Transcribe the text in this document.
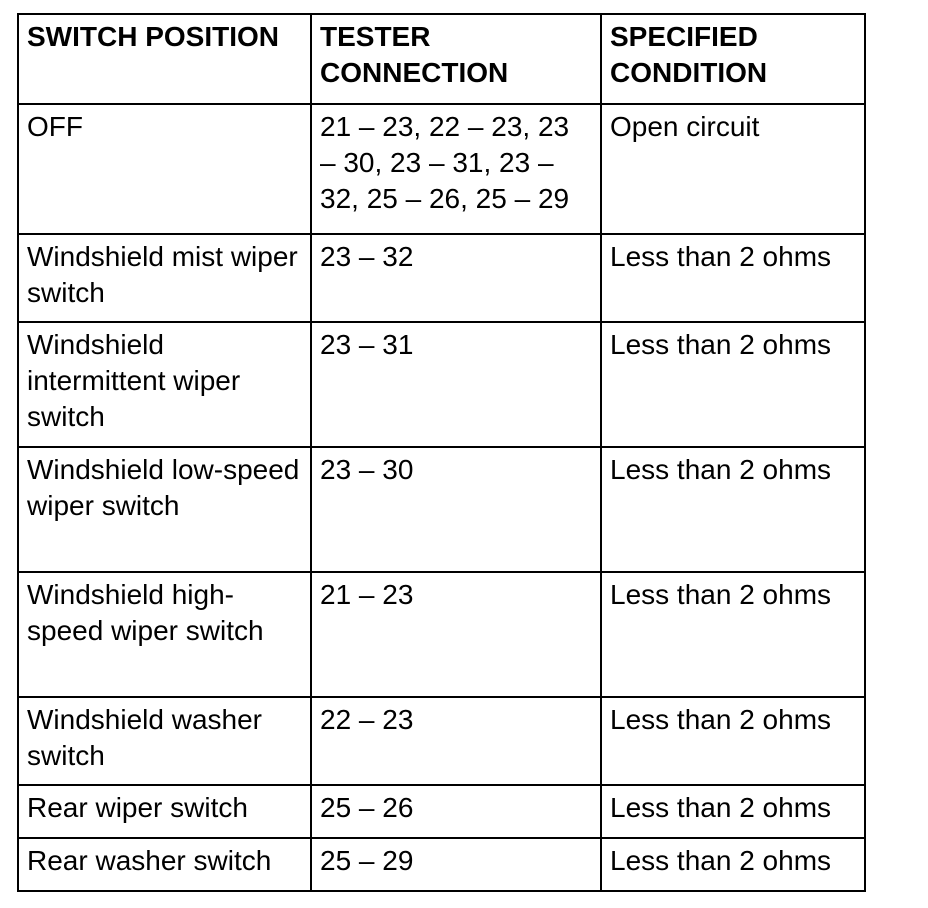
SWITCH POSITION	TESTER CONNECTION	SPECIFIED CONDITION
OFF	21 – 23, 22 – 23, 23 – 30, 23 – 31, 23 – 32, 25 – 26, 25 – 29	Open circuit
Windshield mist wiper switch	23 – 32	Less than 2 ohms
Windshield intermittent wiper switch	23 – 31	Less than 2 ohms
Windshield low-speed wiper switch	23 – 30	Less than 2 ohms
Windshield high-speed wiper switch	21 – 23	Less than 2 ohms
Windshield washer switch	22 – 23	Less than 2 ohms
Rear wiper switch	25 – 26	Less than 2 ohms
Rear washer switch	25 – 29	Less than 2 ohms
